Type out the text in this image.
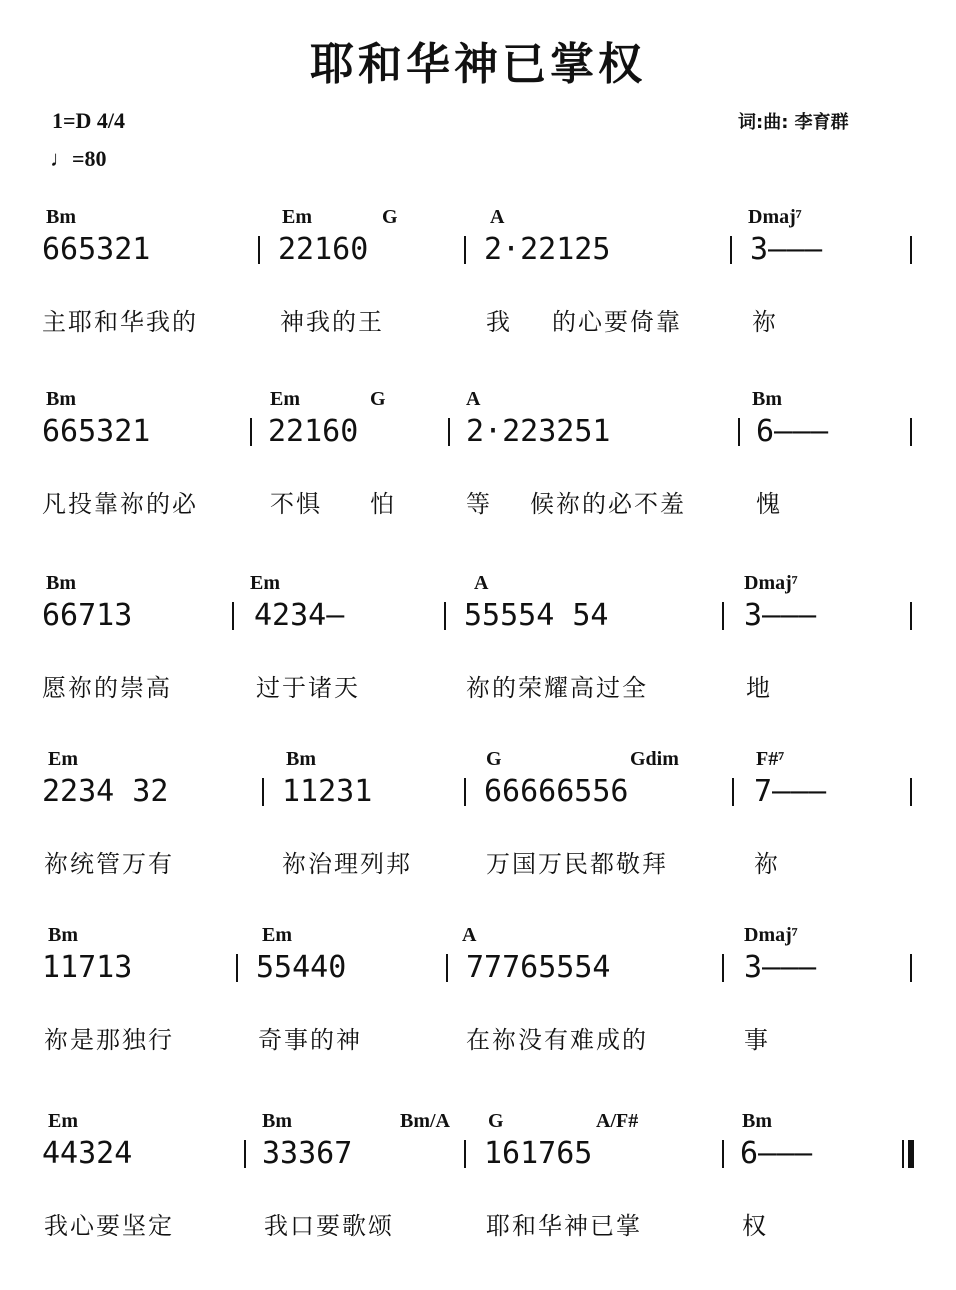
耶和华神已掌权
1=D 4/4
♩=80
词:曲: 李育群
Bm	Em	G	A	Dmaj⁷
665321	22160	2·22125	3———
主耶和华我的	神我的王	我 的心要倚靠	祢
Bm	Em	G	A	Bm
665321	22160	2·223251	6———
凡投靠祢的必	不惧 怕	等 候祢的必不羞	愧
Bm	Em	A	Dmaj⁷
66713	4234—	55554 54	3———
愿祢的崇高	过于诸天	祢的荣耀高过全	地
Em	Bm	G	Gdim	F#⁷
2234 32	11231	66666556	7———
祢统管万有	祢治理列邦	万国万民都敬拜	祢
Bm	Em	A	Dmaj⁷
11713	55440	77765554	3———
祢是那独行	奇事的神	在祢没有难成的	事
Em	Bm	Bm/A G	A/F#	Bm
44324	33367	161765	6———
我心要坚定	我口要歌颂	耶和华神已掌	权
